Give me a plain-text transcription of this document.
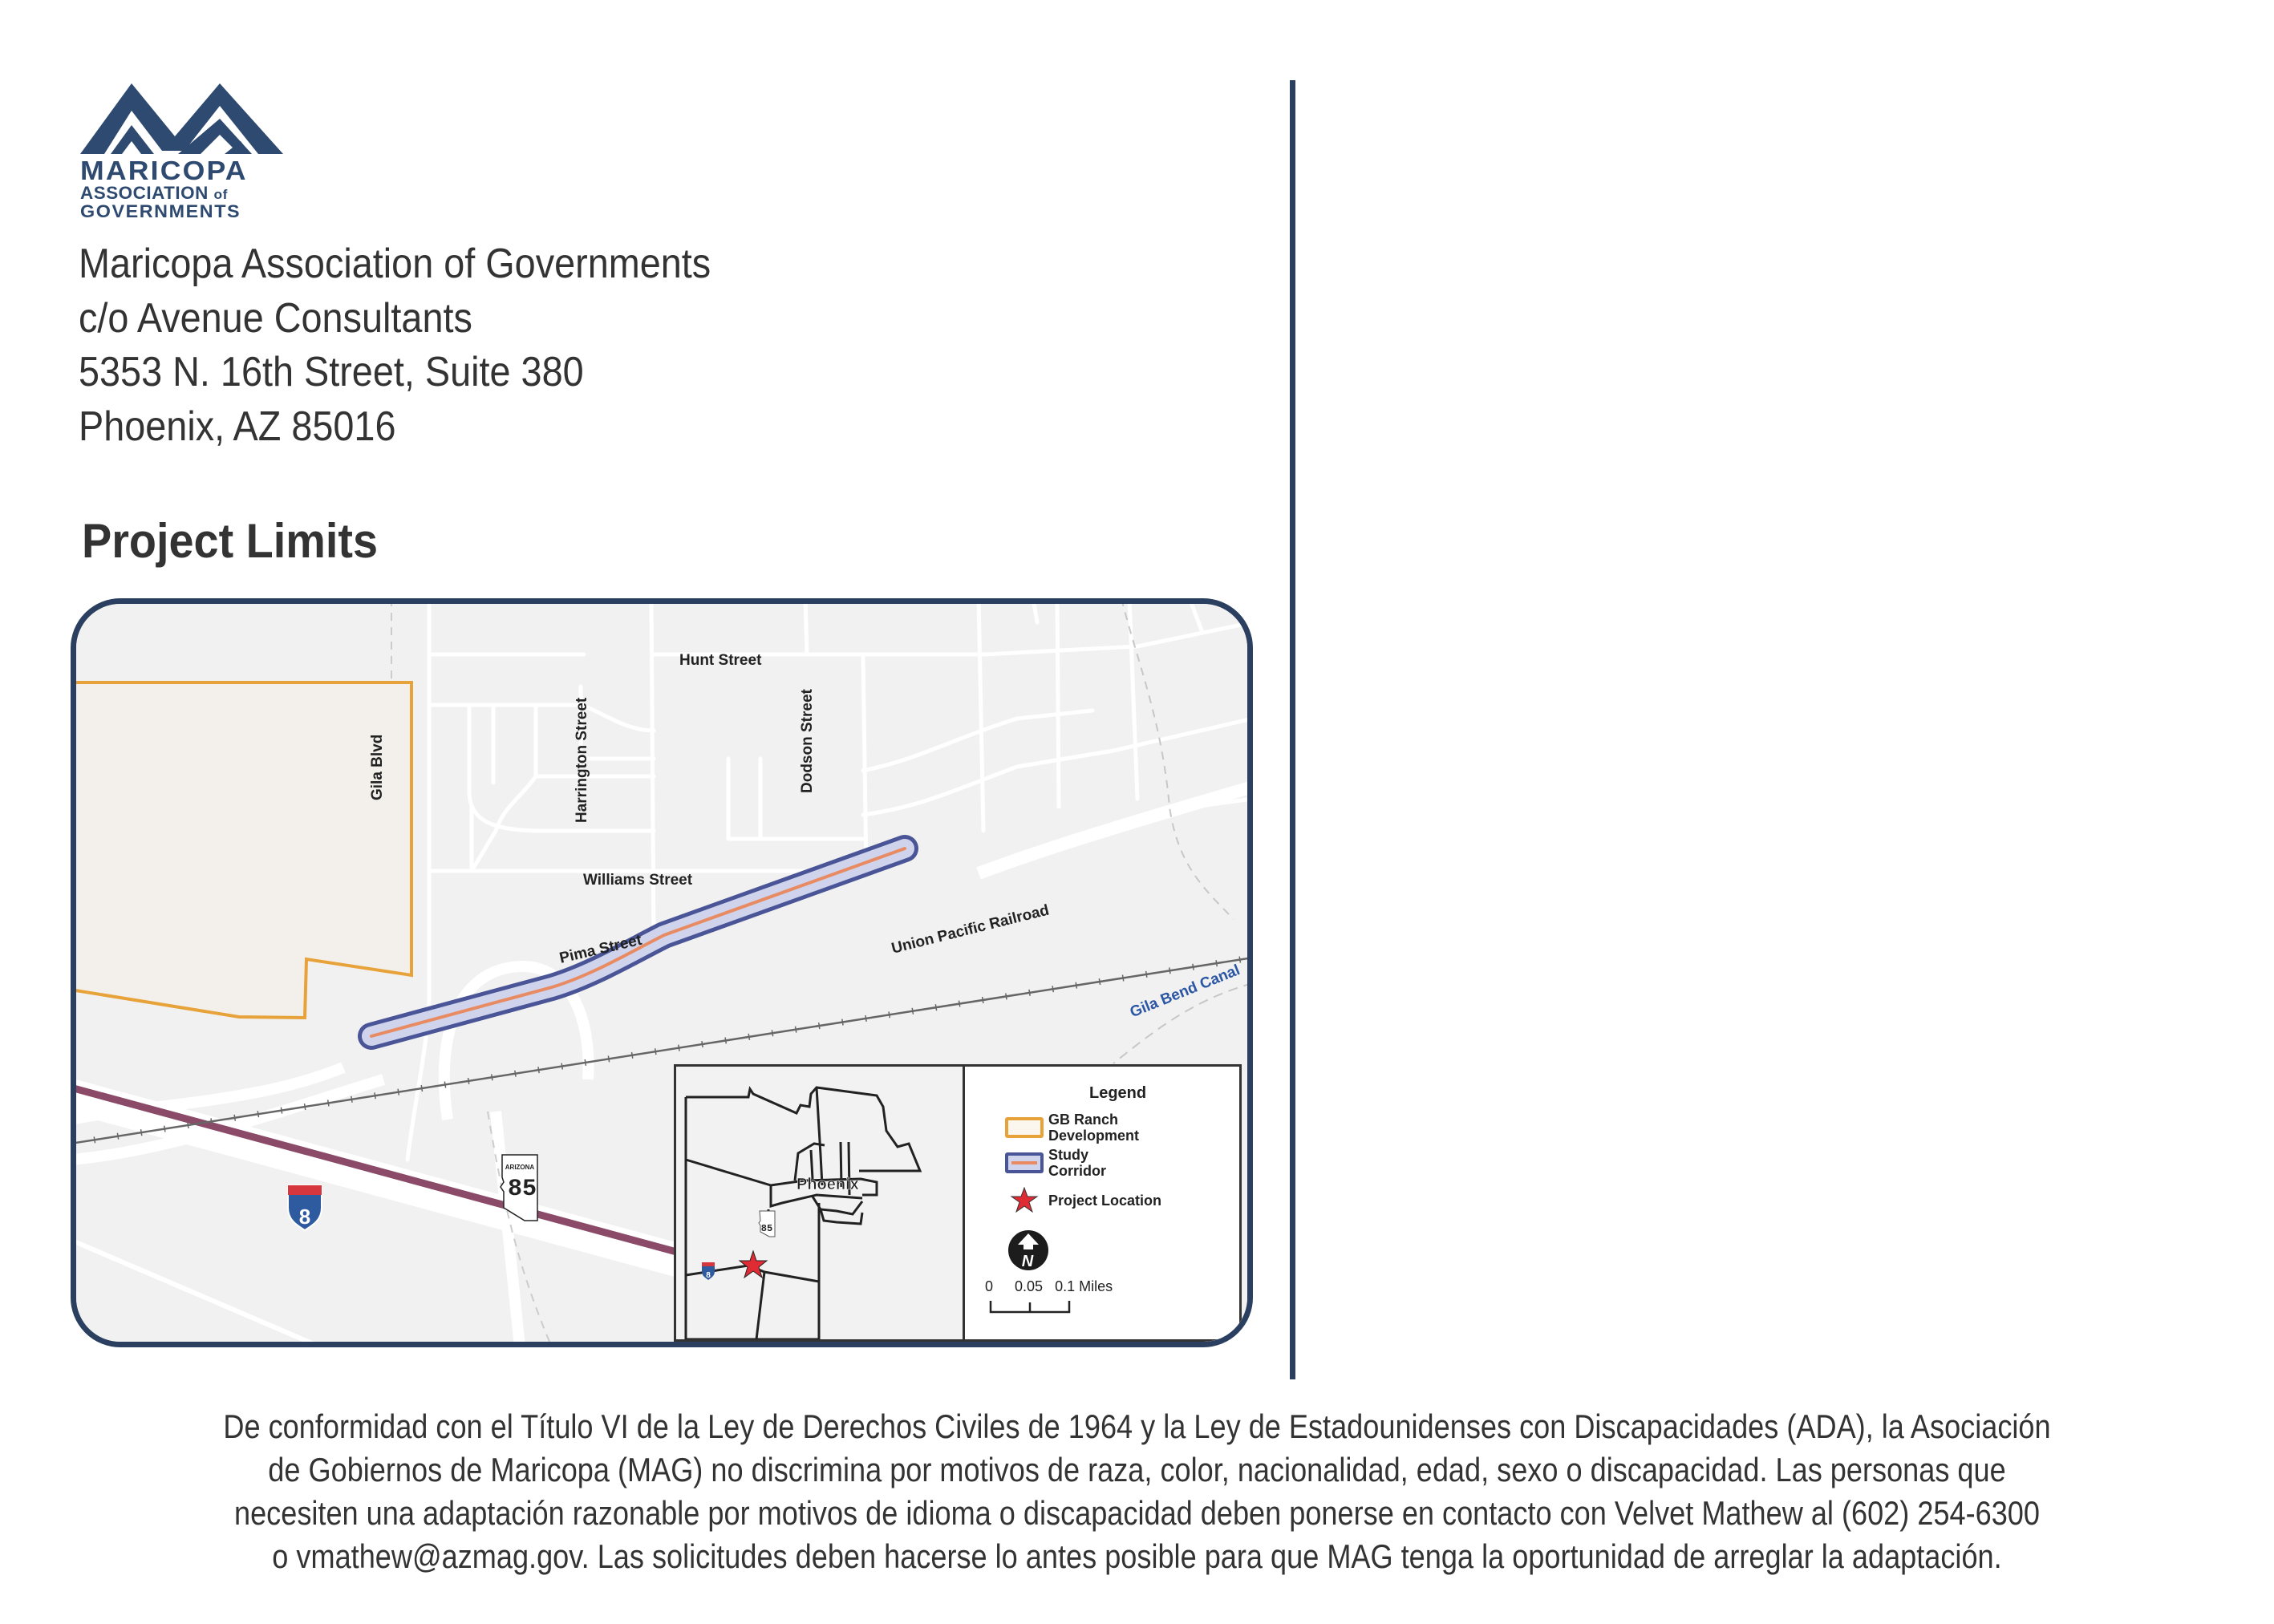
MARICOPA
ASSOCIATION of
GOVERNMENTS
Maricopa Association of Governments
c/o Avenue Consultants
5353 N. 16th Street, Suite 380
Phoenix, AZ 85016
Project Limits
8
ARIZONA
85
Hunt Street
Gila Blvd	Harrington Street	Dodson Street
Williams Street
Pima Street	Union Pacific Railroad
Gila Bend Canal
Phoenix
85
8
Legend
GB Ranch
Development
Study
Corridor
Project Location
N
0 0.05 0.1 Miles
De conformidad con el Título VI de la Ley de Derechos Civiles de 1964 y la Ley de Estadounidenses con Discapacidades (ADA), la Asociación
de Gobiernos de Maricopa (MAG) no discrimina por motivos de raza, color, nacionalidad, edad, sexo o discapacidad. Las personas que
necesiten una adaptación razonable por motivos de idioma o discapacidad deben ponerse en contacto con Velvet Mathew al (602) 254-6300
o vmathew@azmag.gov. Las solicitudes deben hacerse lo antes posible para que MAG tenga la oportunidad de arreglar la adaptación.
